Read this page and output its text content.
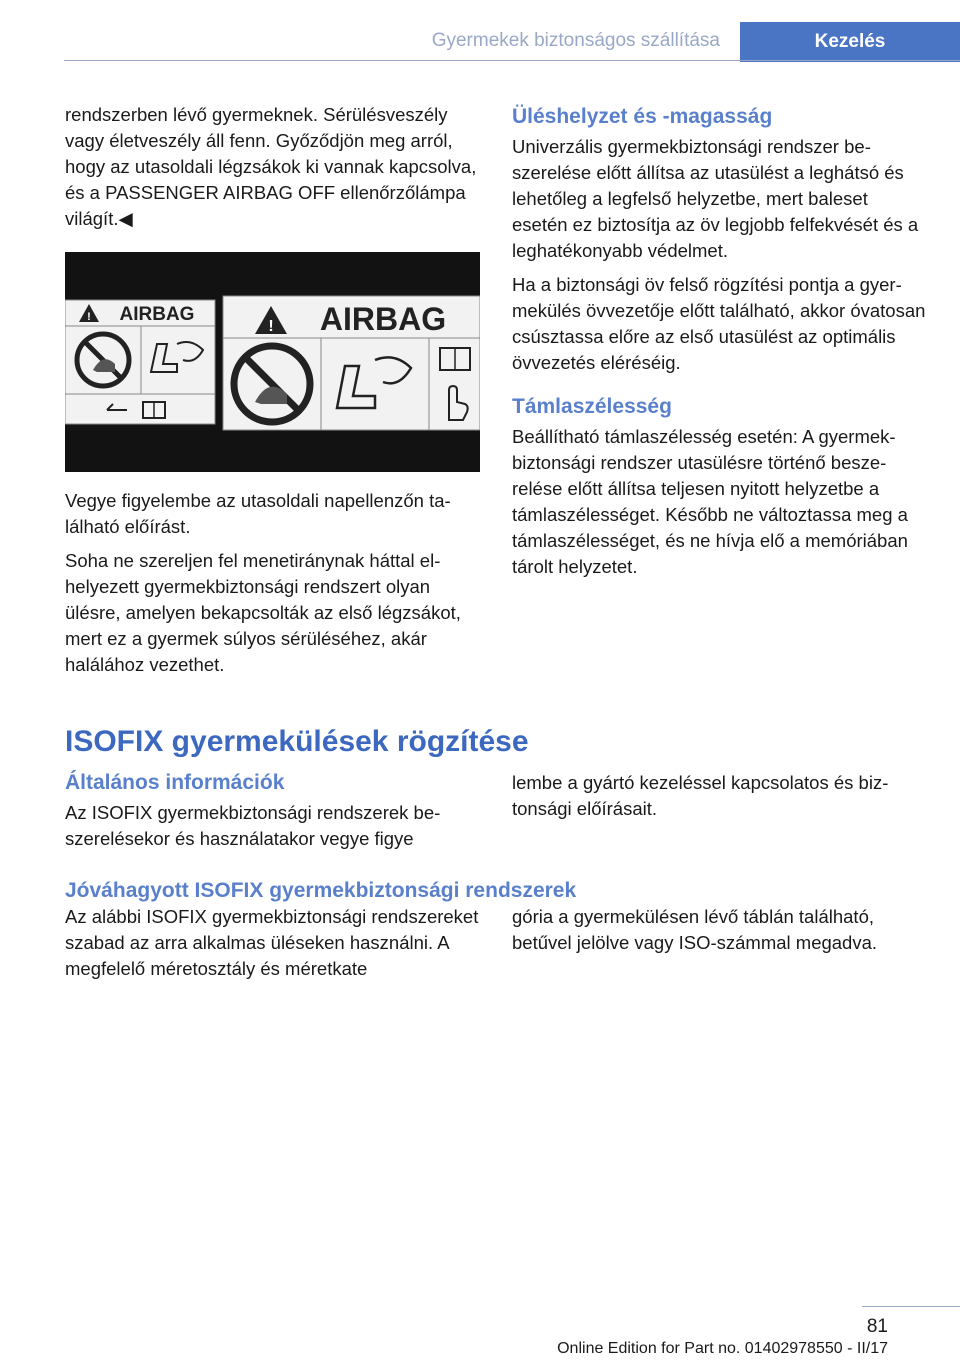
Gyermekek biztonságos szállítása	Kezelés

rendszerben lévő gyermeknek. Sérülésveszély vagy életveszély áll fenn. Győződjön meg arról, hogy az utasoldali légzsákok ki vannak kapcsolva, és a PASSENGER AIRBAG OFF ellenőrzőlámpa világít.◀

! AIRBAG
! AIRBAG

Vegye figyelembe az utasoldali napellenzőn található előírást.

Soha ne szereljen fel menetiránynak háttal elhelyezett gyermekbiztonsági rendszert olyan ülésre, amelyen bekapcsolták az első légzsákot, mert ez a gyermek súlyos sérüléséhez, akár halálához vezethet.

Üléshelyzet és -magasság

Univerzális gyermekbiztonsági rendszer beszerelése előtt állítsa az utasülést a leghátsó és lehetőleg a legfelső helyzetbe, mert baleset esetén ez biztosítja az öv legjobb felfekvését és a leghatékonyabb védelmet.

Ha a biztonsági öv felső rögzítési pontja a gyermekülés övvezetője előtt található, akkor óvatosan csúsztassa előre az első utasülést az optimális övvezetés eléréséig.

Támlaszélesség

Beállítható támlaszélesség esetén: A gyermekbiztonsági rendszer utasülésre történő beszerelése előtt állítsa teljesen nyitott helyzetbe a támlaszélességet. Később ne változtassa meg a támlaszélességet, és ne hívja elő a memóriában tárolt helyzetet.

ISOFIX gyermekülések rögzítése
Általános információk

Az ISOFIX gyermekbiztonsági rendszerek beszerelésekor és használatakor vegye figye

lembe a gyártó kezeléssel kapcsolatos és biztonsági előírásait.

Jóváhagyott ISOFIX gyermekbiztonsági rendszerek

Az alábbi ISOFIX gyermekbiztonsági rendszereket szabad az arra alkalmas üléseken használni. A megfelelő méretosztály és méretkate

gória a gyermekülésen lévő táblán található, betűvel jelölve vagy ISO-számmal megadva.

81
Online Edition for Part no. 01402978550 - II/17
